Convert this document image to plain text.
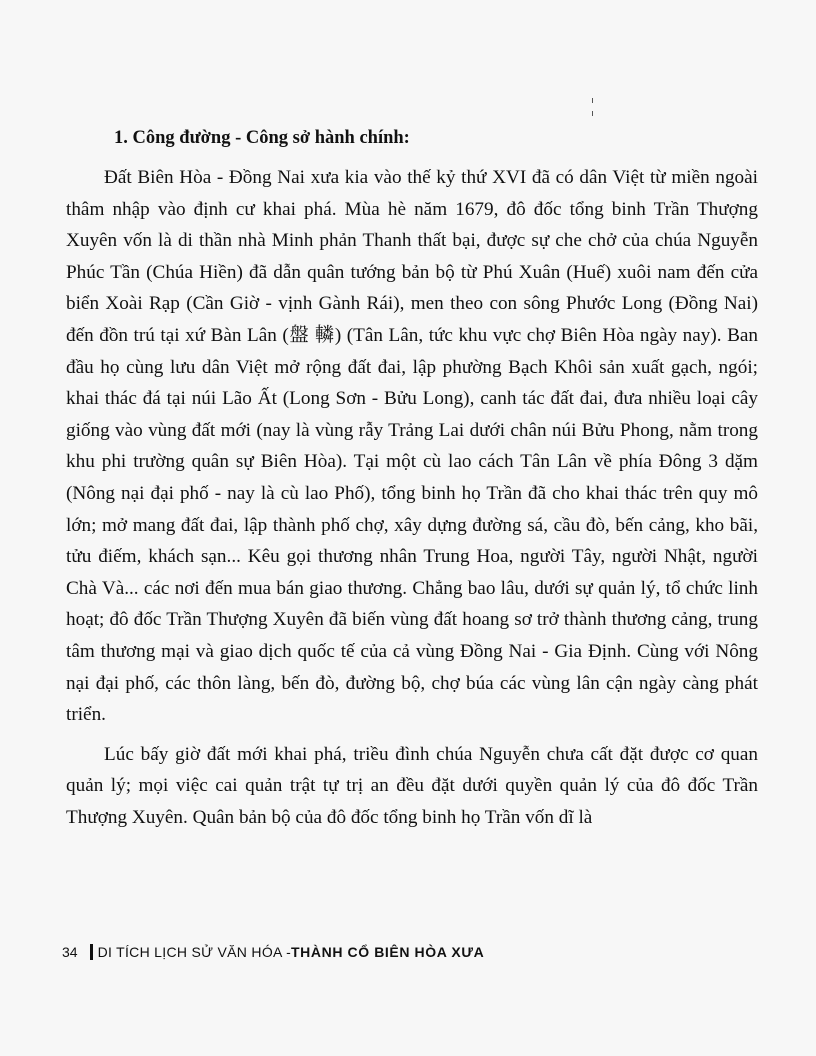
1. Công đường - Công sở hành chính:

Đất Biên Hòa - Đồng Nai xưa kia vào thế kỷ thứ XVI đã có dân Việt từ miền ngoài thâm nhập vào định cư khai phá. Mùa hè năm 1679, đô đốc tổng binh Trần Thượng Xuyên vốn là di thần nhà Minh phản Thanh thất bại, được sự che chở của chúa Nguyễn Phúc Tần (Chúa Hiền) đã dẫn quân tướng bản bộ từ Phú Xuân (Huế) xuôi nam đến cửa biển Xoài Rạp (Cần Giờ - vịnh Gành Rái), men theo con sông Phước Long (Đồng Nai) đến đồn trú tại xứ Bàn Lân (盤 轔) (Tân Lân, tức khu vực chợ Biên Hòa ngày nay). Ban đầu họ cùng lưu dân Việt mở rộng đất đai, lập phường Bạch Khôi sản xuất gạch, ngói; khai thác đá tại núi Lão Ất (Long Sơn - Bửu Long), canh tác đất đai, đưa nhiều loại cây giống vào vùng đất mới (nay là vùng rẫy Trảng Lai dưới chân núi Bửu Phong, nằm trong khu phi trường quân sự Biên Hòa). Tại một cù lao cách Tân Lân về phía Đông 3 dặm (Nông nại đại phố - nay là cù lao Phố), tổng binh họ Trần đã cho khai thác trên quy mô lớn; mở mang đất đai, lập thành phố chợ, xây dựng đường sá, cầu đò, bến cảng, kho bãi, tửu điếm, khách sạn... Kêu gọi thương nhân Trung Hoa, người Tây, người Nhật, người Chà Và... các nơi đến mua bán giao thương. Chẳng bao lâu, dưới sự quản lý, tổ chức linh hoạt; đô đốc Trần Thượng Xuyên đã biến vùng đất hoang sơ trở thành thương cảng, trung tâm thương mại và giao dịch quốc tế của cả vùng Đồng Nai - Gia Định. Cùng với Nông nại đại phố, các thôn làng, bến đò, đường bộ, chợ búa các vùng lân cận ngày càng phát triển.

Lúc bấy giờ đất mới khai phá, triều đình chúa Nguyễn chưa cất đặt được cơ quan quản lý; mọi việc cai quản trật tự trị an đều đặt dưới quyền quản lý của đô đốc Trần Thượng Xuyên. Quân bản bộ của đô đốc tổng binh họ Trần vốn dĩ là

34 DI TÍCH LỊCH SỬ VĂN HÓA - THÀNH CỔ BIÊN HÒA XƯA
